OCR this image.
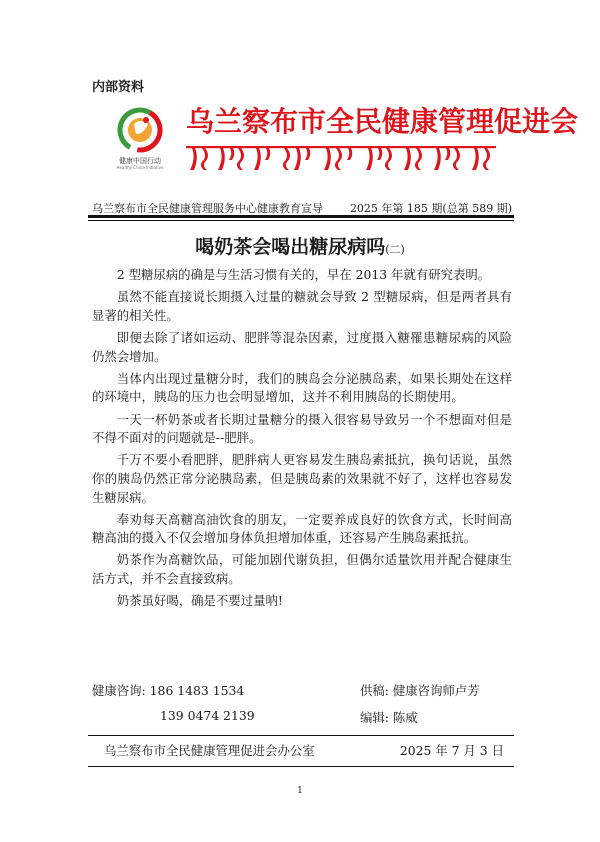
内部资料
健康中国行动
Healthy China Initiative
乌兰察布市全民健康管理促进会
乌兰察布市全民健康管理服务中心健康教育宣导 2025 年第 185 期(总第 589 期)
喝奶茶会喝出糖尿病吗(二)

2 型糖尿病的确是与生活习惯有关的，早在 2013 年就有研究表明。

虽然不能直接说长期摄入过量的糖就会导致 2 型糖尿病，但是两者具有显著的相关性。

即便去除了诸如运动、肥胖等混杂因素，过度摄入糖罹患糖尿病的风险仍然会增加。

当体内出现过量糖分时，我们的胰岛会分泌胰岛素，如果长期处在这样的环境中，胰岛的压力也会明显增加，这并不利用胰岛的长期使用。

一天一杯奶茶或者长期过量糖分的摄入很容易导致另一个不想面对但是不得不面对的问题就是--肥胖。

千万不要小看肥胖，肥胖病人更容易发生胰岛素抵抗，换句话说，虽然你的胰岛仍然正常分泌胰岛素，但是胰岛素的效果就不好了，这样也容易发生糖尿病。

奉劝每天高糖高油饮食的朋友，一定要养成良好的饮食方式，长时间高糖高油的摄入不仅会增加身体负担增加体重，还容易产生胰岛素抵抗。

奶茶作为高糖饮品，可能加剧代谢负担，但偶尔适量饮用并配合健康生活方式，并不会直接致病。

奶茶虽好喝，确是不要过量呐!

健康咨询: 186 1483 1534
139 0474 2139
供稿: 健康咨询师卢芳
编辑: 陈威
乌兰察布市全民健康管理促进会办公室	2025 年 7 月 3 日
1
